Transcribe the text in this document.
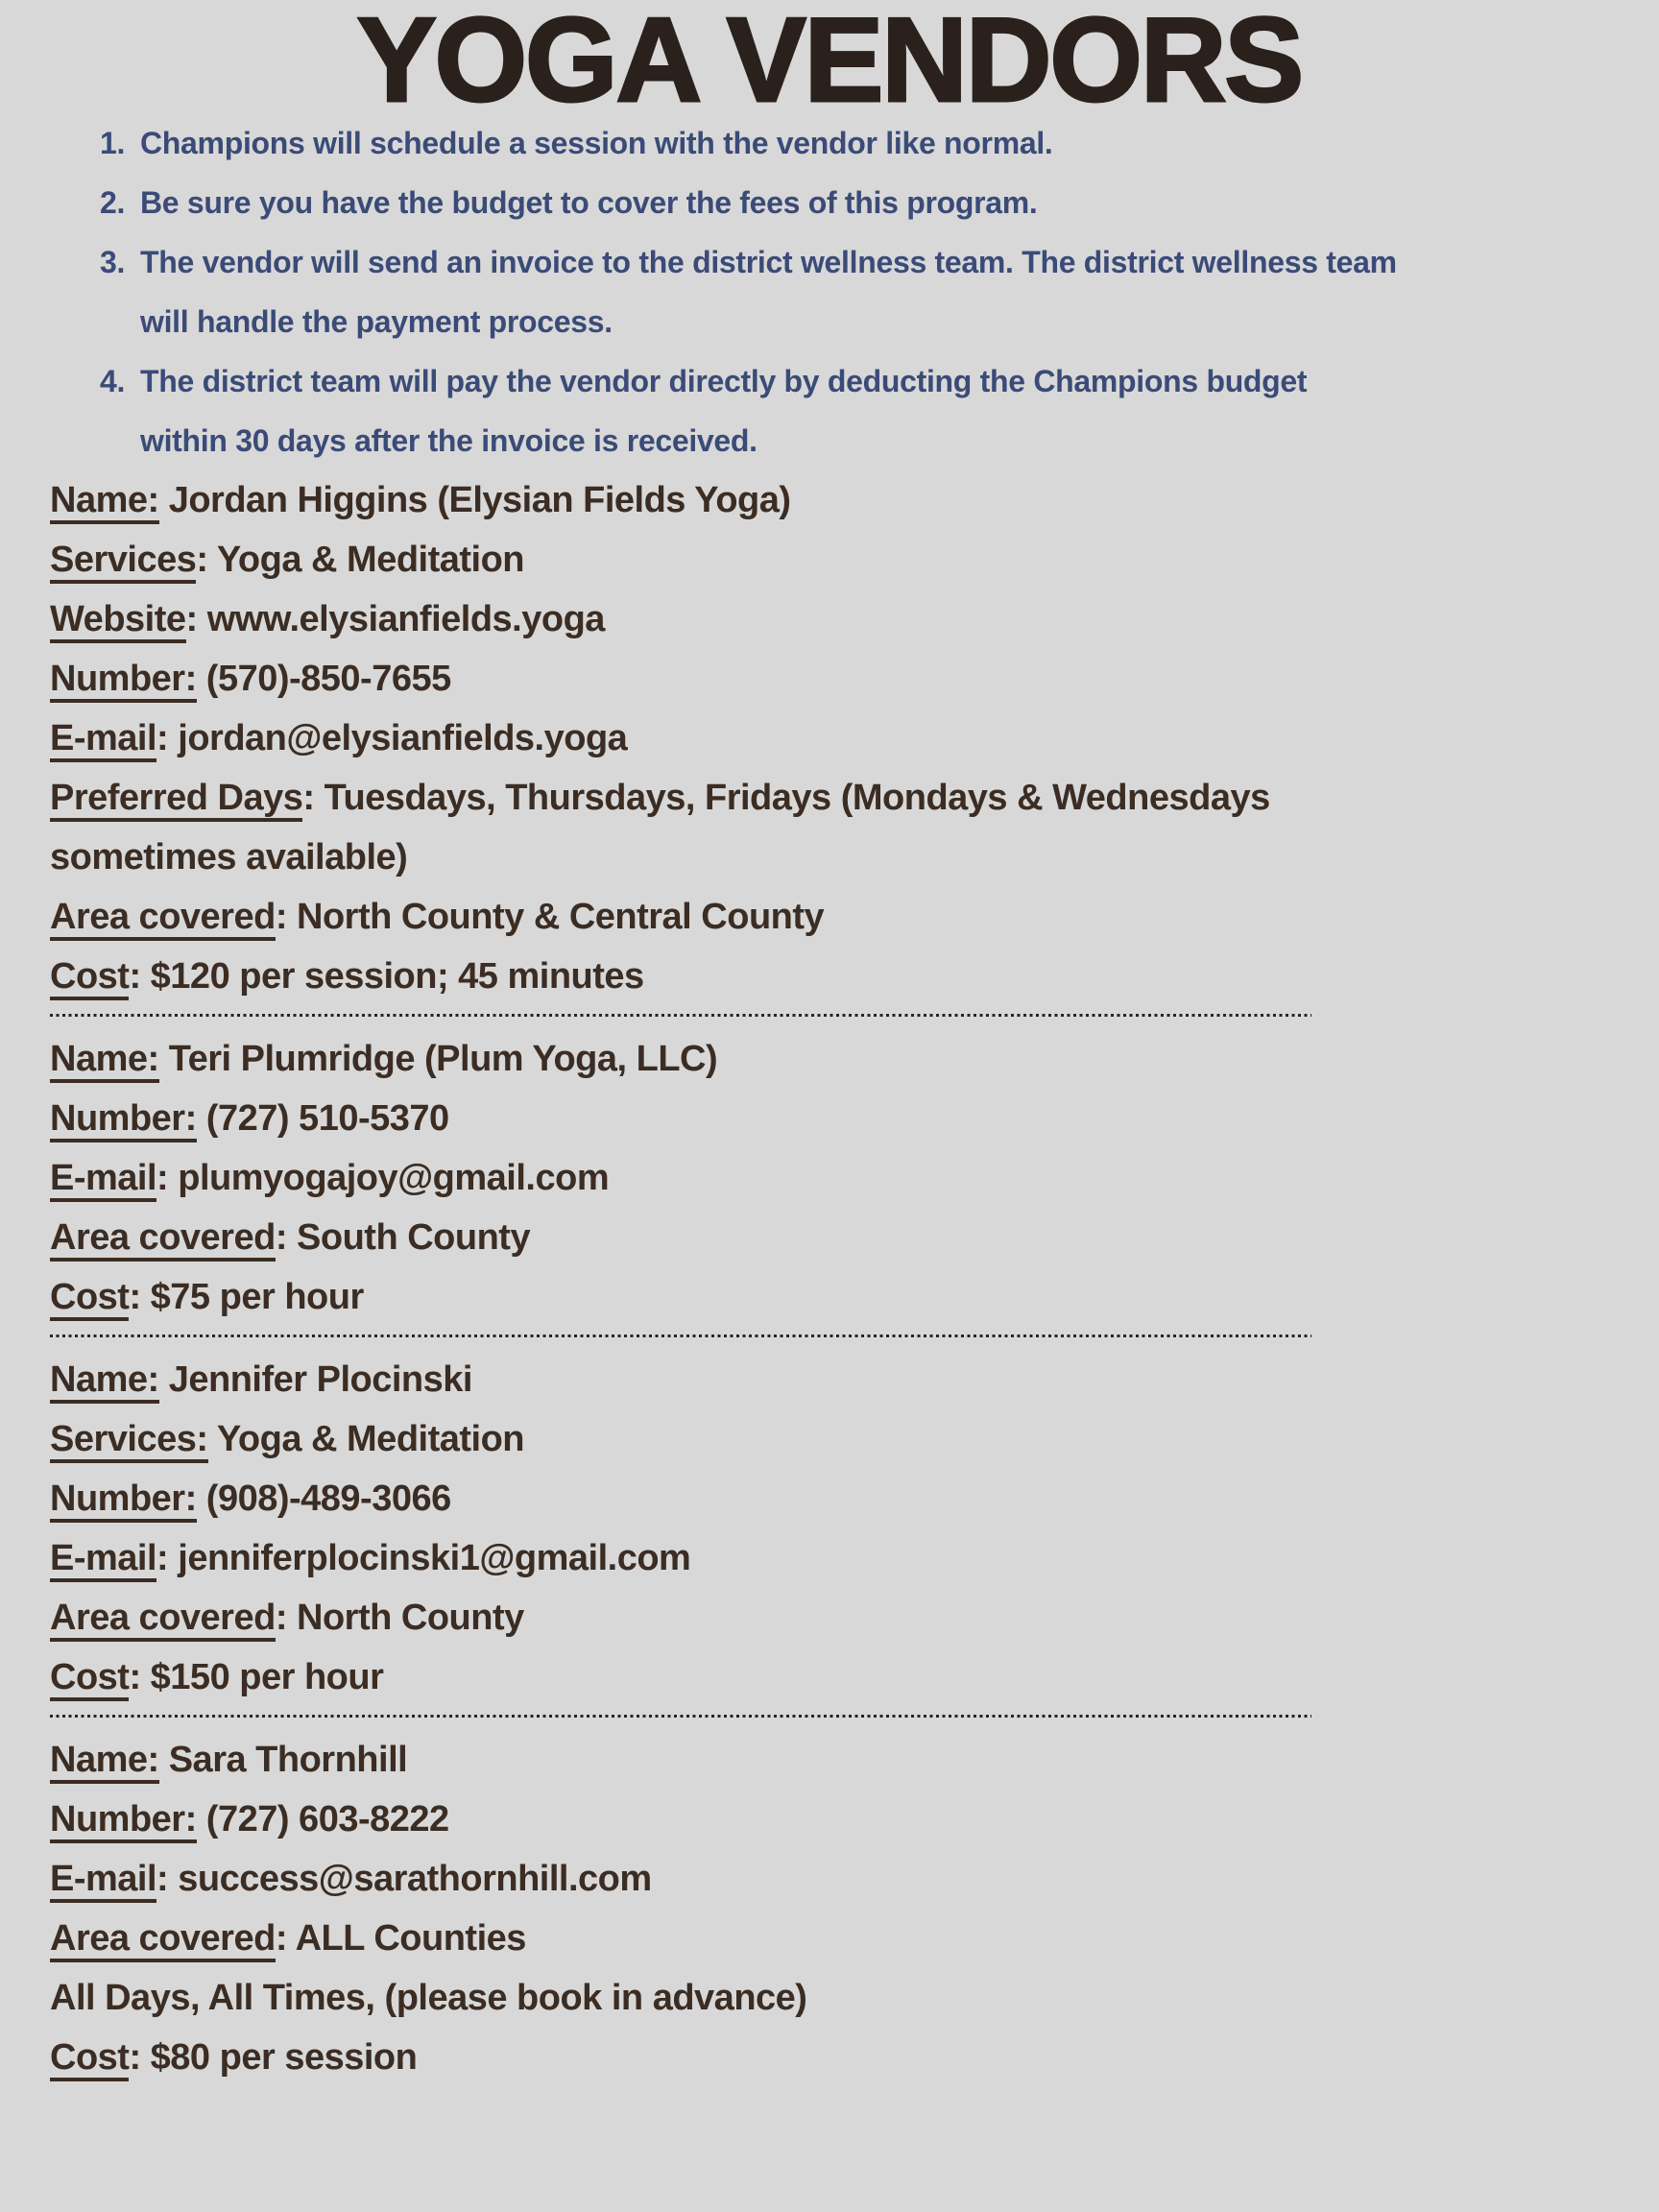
YOGA VENDORS
1. Champions will schedule a session with the vendor like normal.
2. Be sure you have the budget to cover the fees of this program.
3. The vendor will send an invoice to the district wellness team. The district wellness team
will handle the payment process.
4. The district team will pay the vendor directly by deducting the Champions budget
within 30 days after the invoice is received.
Name: Jordan Higgins (Elysian Fields Yoga)
Services: Yoga & Meditation
Website: www.elysianfields.yoga
Number: (570)-850-7655
E-mail: jordan@elysianfields.yoga
Preferred Days: Tuesdays, Thursdays, Fridays (Mondays & Wednesdays
sometimes available)
Area covered: North County & Central County
Cost: $120 per session; 45 minutes
Name: Teri Plumridge (Plum Yoga, LLC)
Number: (727) 510-5370
E-mail: plumyogajoy@gmail.com
Area covered: South County
Cost: $75 per hour
Name: Jennifer Plocinski
Services: Yoga & Meditation
Number: (908)-489-3066
E-mail: jenniferplocinski1@gmail.com
Area covered: North County
Cost: $150 per hour
Name: Sara Thornhill
Number: (727) 603-8222
E-mail: success@sarathornhill.com
Area covered: ALL Counties
All Days, All Times, (please book in advance)
Cost: $80 per session
